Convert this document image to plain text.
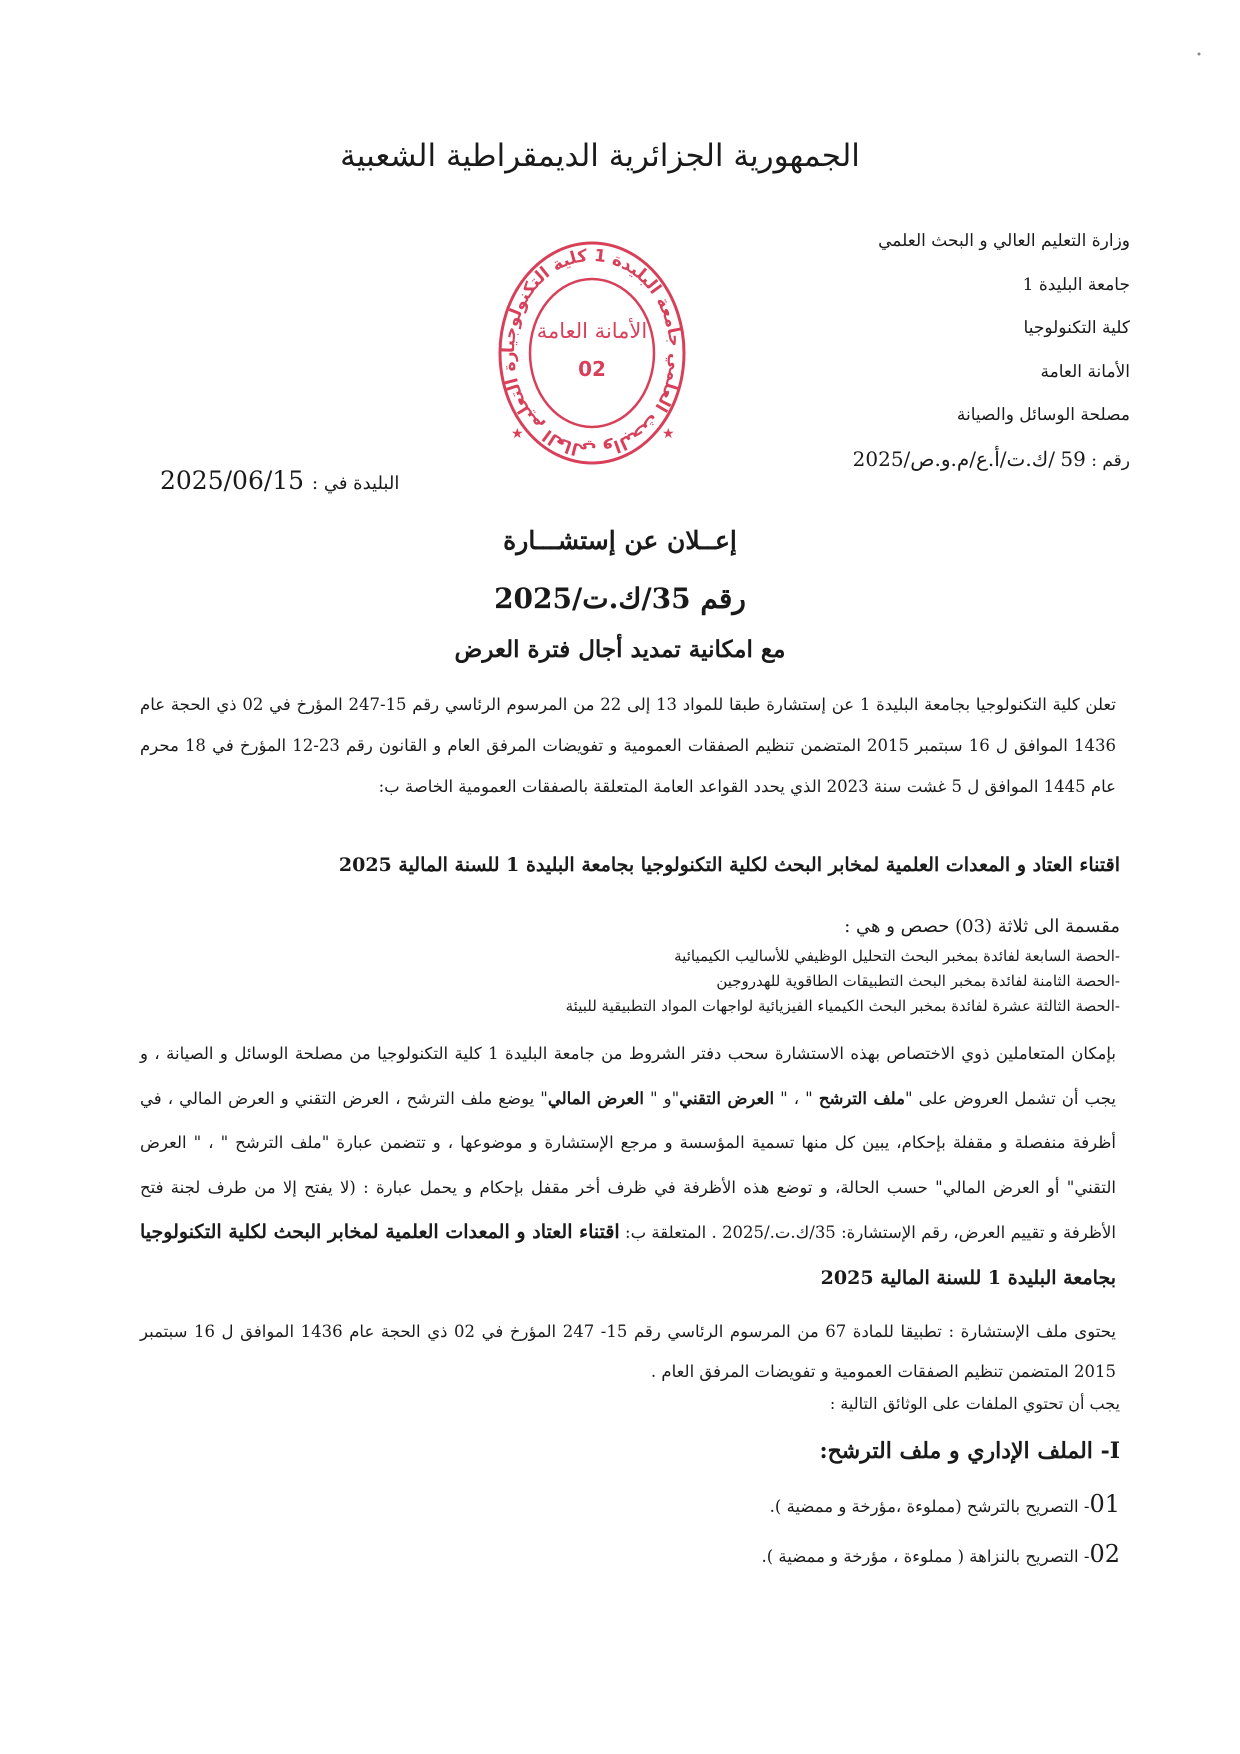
الجمهورية الجزائرية الديمقراطية الشعبية
وزارة التعليم العالي و البحث العلمي
جامعة البليدة 1
كلية التكنولوجيا
الأمانة العامة
مصلحة الوسائل والصيانة
رقم : 59 /ك.ت/أ.ع/م.و.ص/2025
رة التعليم العالي والبحث العلمي جامعة البليدة 1 كلية التكنولوجيا
الأمانة العامة
02
★	★
البليدة في : 2025/06/15
إعــلان عن إستشـــارة
رقم 35/ك.ت/2025
مع امكانية تمديد أجال فترة العرض
تعلن كلية التكنولوجيا بجامعة البليدة 1 عن إستشارة طبقا للمواد 13 إلى 22 من المرسوم الرئاسي رقم 15-247 المؤرخ في 02 ذي الحجة عام 1436 الموافق ل 16 سبتمبر 2015 المتضمن تنظيم الصفقات العمومية و تفويضات المرفق العام و القانون رقم 23-12 المؤرخ في 18 محرم عام 1445 الموافق ل 5 غشت سنة 2023 الذي يحدد القواعد العامة المتعلقة بالصفقات العمومية الخاصة ب:
اقتناء العتاد و المعدات العلمية لمخابر البحث لكلية التكنولوجيا بجامعة البليدة 1 للسنة المالية 2025
مقسمة الى ثلاثة (03) حصص و هي :
-الحصة السابعة لفائدة بمخبر البحث التحليل الوظيفي للأساليب الكيميائية
-الحصة الثامنة لفائدة بمخبر البحث التطبيقات الطاقوية للهدروجين
-الحصة الثالثة عشرة لفائدة بمخبر البحث الكيمياء الفيزيائية لواجهات المواد التطبيقية للبيئة
بإمكان المتعاملين ذوي الاختصاص بهذه الاستشارة سحب دفتر الشروط من جامعة البليدة 1 كلية التكنولوجيا من مصلحة الوسائل و الصيانة ، و يجب أن تشمل العروض على "ملف الترشح " ، " العرض التقني"و " العرض المالي" يوضع ملف الترشح ، العرض التقني و العرض المالي ، في أظرفة منفصلة و مقفلة بإحكام، يبين كل منها تسمية المؤسسة و مرجع الإستشارة و موضوعها ، و تتضمن عبارة "ملف الترشح " ، " العرض التقني" أو العرض المالي" حسب الحالة، و توضع هذه الأظرفة في ظرف أخر مقفل بإحكام و يحمل عبارة : (لا يفتح إلا من طرف لجنة فتح الأظرفة و تقييم العرض، رقم الإستشارة: 35/ك.ت./2025 . المتعلقة ب: اقتناء العتاد و المعدات العلمية لمخابر البحث لكلية التكنولوجيا بجامعة البليدة 1 للسنة المالية 2025
يحتوى ملف الإستشارة : تطبيقا للمادة 67 من المرسوم الرئاسي رقم 15- 247 المؤرخ في 02 ذي الحجة عام 1436 الموافق ل 16 سبتمبر 2015 المتضمن تنظيم الصفقات العمومية و تفويضات المرفق العام .
يجب أن تحتوي الملفات على الوثائق التالية :
I- الملف الإداري و ملف الترشح:
01- التصريح بالترشح (مملوءة ،مؤرخة و ممضية ).
02- التصريح بالنزاهة ( مملوءة ، مؤرخة و ممضية ).
